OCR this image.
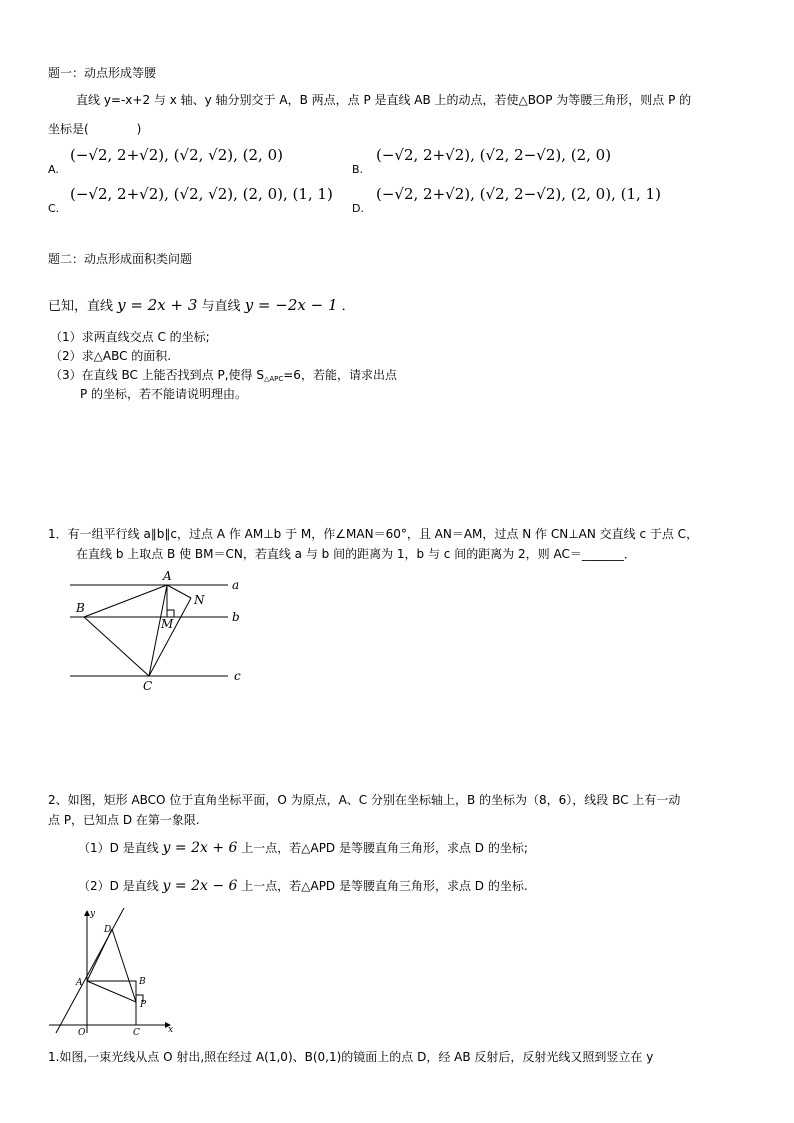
题一：动点形成等腰
直线 y=-x+2 与 x 轴、y 轴分别交于 A，B 两点，点 P 是直线 AB 上的动点，若使△BOP 为等腰三角形，则点 P 的
坐标是(　　　　)
A.
(−√2, 2+√2), (√2, √2), (2, 0)
B.
(−√2, 2+√2), (√2, 2−√2), (2, 0)
C.
(−√2, 2+√2), (√2, √2), (2, 0), (1, 1)
D.
(−√2, 2+√2), (√2, 2−√2), (2, 0), (1, 1)
题二：动点形成面积类问题
已知，直线 y = 2x + 3 与直线 y = −2x − 1 ．
（1）求两直线交点 C 的坐标;
（2）求△ABC 的面积.
（3）在直线 BC 上能否找到点 P,使得 S△APC=6，若能，请求出点
P 的坐标，若不能请说明理由。
1．有一组平行线 a∥b∥c，过点 A 作 AM⊥b 于 M，作∠MAN＝60°，且 AN＝AM，过点 N 作 CN⊥AN 交直线 c 于点 C，
在直线 b 上取点 B 使 BM＝CN，若直线 a 与 b 间的距离为 1，b 与 c 间的距离为 2，则 AC＝_______．
A
B
C
M
N
a
b
c
2、如图，矩形 ABCO 位于直角坐标平面，O 为原点，A、C 分别在坐标轴上，B 的坐标为（8，6），线段 BC 上有一动
点 P，已知点 D 在第一象限.
（1）D 是直线 y = 2x + 6 上一点，若△APD 是等腰直角三角形，求点 D 的坐标;
（2）D 是直线 y = 2x − 6 上一点，若△APD 是等腰直角三角形，求点 D 的坐标.
y
x
O
A	B
C
D
P
1.如图,一束光线从点 O 射出,照在经过 A(1,0)、B(0,1)的镜面上的点 D，经 AB 反射后，反射光线又照到竖立在 y
